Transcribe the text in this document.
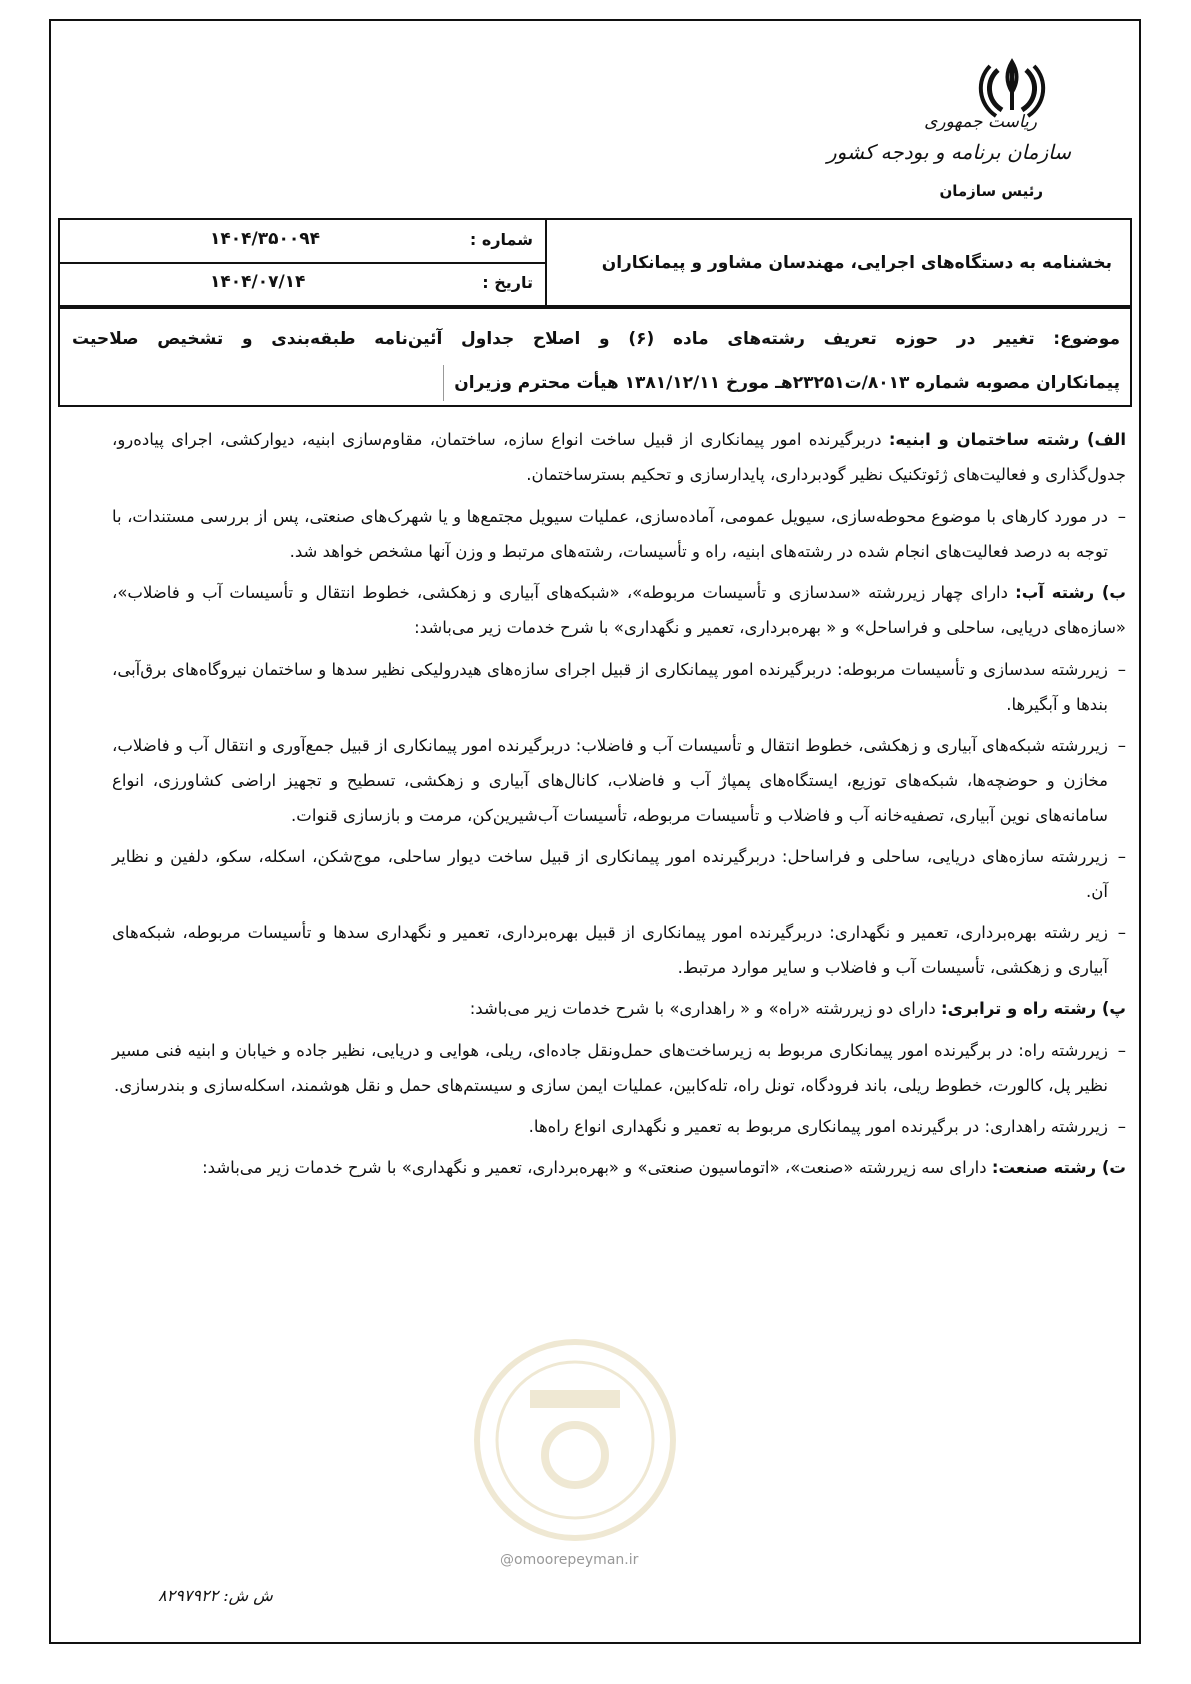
ریاست جمهوری
سازمان برنامه و بودجه کشور
رئیس سازمان
بخشنامه به دستگاه‌های اجرایی، مهندسان مشاور و پیمانکاران
شماره :
۱۴۰۴/۳۵۰۰۹۴
تاریخ :
۱۴۰۴/۰۷/۱۴
موضوع: تغییر در حوزه تعریف رشته‌های ماده (۶) و اصلاح جداول آئین‌نامه طبقه‌بندی و تشخیص صلاحیت
پیمانکاران مصوبه شماره ۸۰۱۳/ت۲۳۲۵۱هـ مورخ ۱۳۸۱/۱۲/۱۱ هیأت محترم وزیران

الف) رشته ساختمان و ابنیه: دربرگیرنده امور پیمانکاری از قبیل ساخت انواع سازه، ساختمان، مقاوم‌سازی ابنیه، دیوارکشی، اجرای پیاده‌رو، جدول‌گذاری و فعالیت‌های ژئوتکنیک نظیر گودبرداری، پایدارسازی و تحکیم بسترساختمان.

–
در مورد کارهای با موضوع محوطه‌سازی، سیویل عمومی، آماده‌سازی، عملیات سیویل مجتمع‌ها و یا شهرک‌های صنعتی، پس از بررسی مستندات، با توجه به درصد فعالیت‌های انجام شده در رشته‌های ابنیه، راه و تأسیسات، رشته‌های مرتبط و وزن آنها مشخص خواهد شد.

ب) رشته آب: دارای چهار زیررشته «سدسازی و تأسیسات مربوطه»، «شبکه‌های آبیاری و زهکشی، خطوط انتقال و تأسیسات آب و فاضلاب»، «سازه‌های دریایی، ساحلی و فراساحل» و « بهره‌برداری، تعمیر و نگهداری» با شرح خدمات زیر می‌باشد:

–
زیررشته سدسازی و تأسیسات مربوطه: دربرگیرنده امور پیمانکاری از قبیل اجرای سازه‌های هیدرولیکی نظیر سدها و ساختمان نیروگاه‌های برق‌آبی، بندها و آبگیرها.

–
زیررشته شبکه‌های آبیاری و زهکشی، خطوط انتقال و تأسیسات آب و فاضلاب: دربرگیرنده امور پیمانکاری از قبیل جمع‌آوری و انتقال آب و فاضلاب، مخازن و حوضچه‌ها، شبکه‌های توزیع، ایستگاه‌های پمپاژ آب و فاضلاب، کانال‌های آبیاری و زهکشی، تسطیح و تجهیز اراضی کشاورزی، انواع سامانه‌های نوین آبیاری، تصفیه‌خانه آب و فاضلاب و تأسیسات مربوطه، تأسیسات آب‌شیرین‌کن، مرمت و بازسازی قنوات.

–
زیررشته سازه‌های دریایی، ساحلی و فراساحل: دربرگیرنده امور پیمانکاری از قبیل ساخت دیوار ساحلی، موج‌شکن، اسکله، سکو، دلفین و نظایر آن.

–
زیر رشته بهره‌برداری، تعمیر و نگهداری: دربرگیرنده امور پیمانکاری از قبیل بهره‌برداری، تعمیر و نگهداری سدها و تأسیسات مربوطه، شبکه‌های آبیاری و زهکشی، تأسیسات آب و فاضلاب و سایر موارد مرتبط.

پ) رشته راه و ترابری: دارای دو زیررشته «راه» و « راهداری» با شرح خدمات زیر می‌باشد:

–
زیررشته راه: در برگیرنده امور پیمانکاری مربوط به زیرساخت‌های حمل‌ونقل جاده‌ای، ریلی، هوایی و دریایی، نظیر جاده و خیابان و ابنیه فنی مسیر نظیر پل، کالورت، خطوط ریلی، باند فرودگاه، تونل راه، تله‌کابین، عملیات ایمن سازی و سیستم‌های حمل و نقل هوشمند، اسکله‌سازی و بندرسازی.

–
زیررشته راهداری: در برگیرنده امور پیمانکاری مربوط به تعمیر و نگهداری انواع راه‌ها.

ت) رشته صنعت: دارای سه زیررشته «صنعت»، «اتوماسیون صنعتی» و «بهره‌برداری، تعمیر و نگهداری» با شرح خدمات زیر می‌باشد:

@omoorepeyman.ir
ش ش: ۸۲۹۷۹۲۲
